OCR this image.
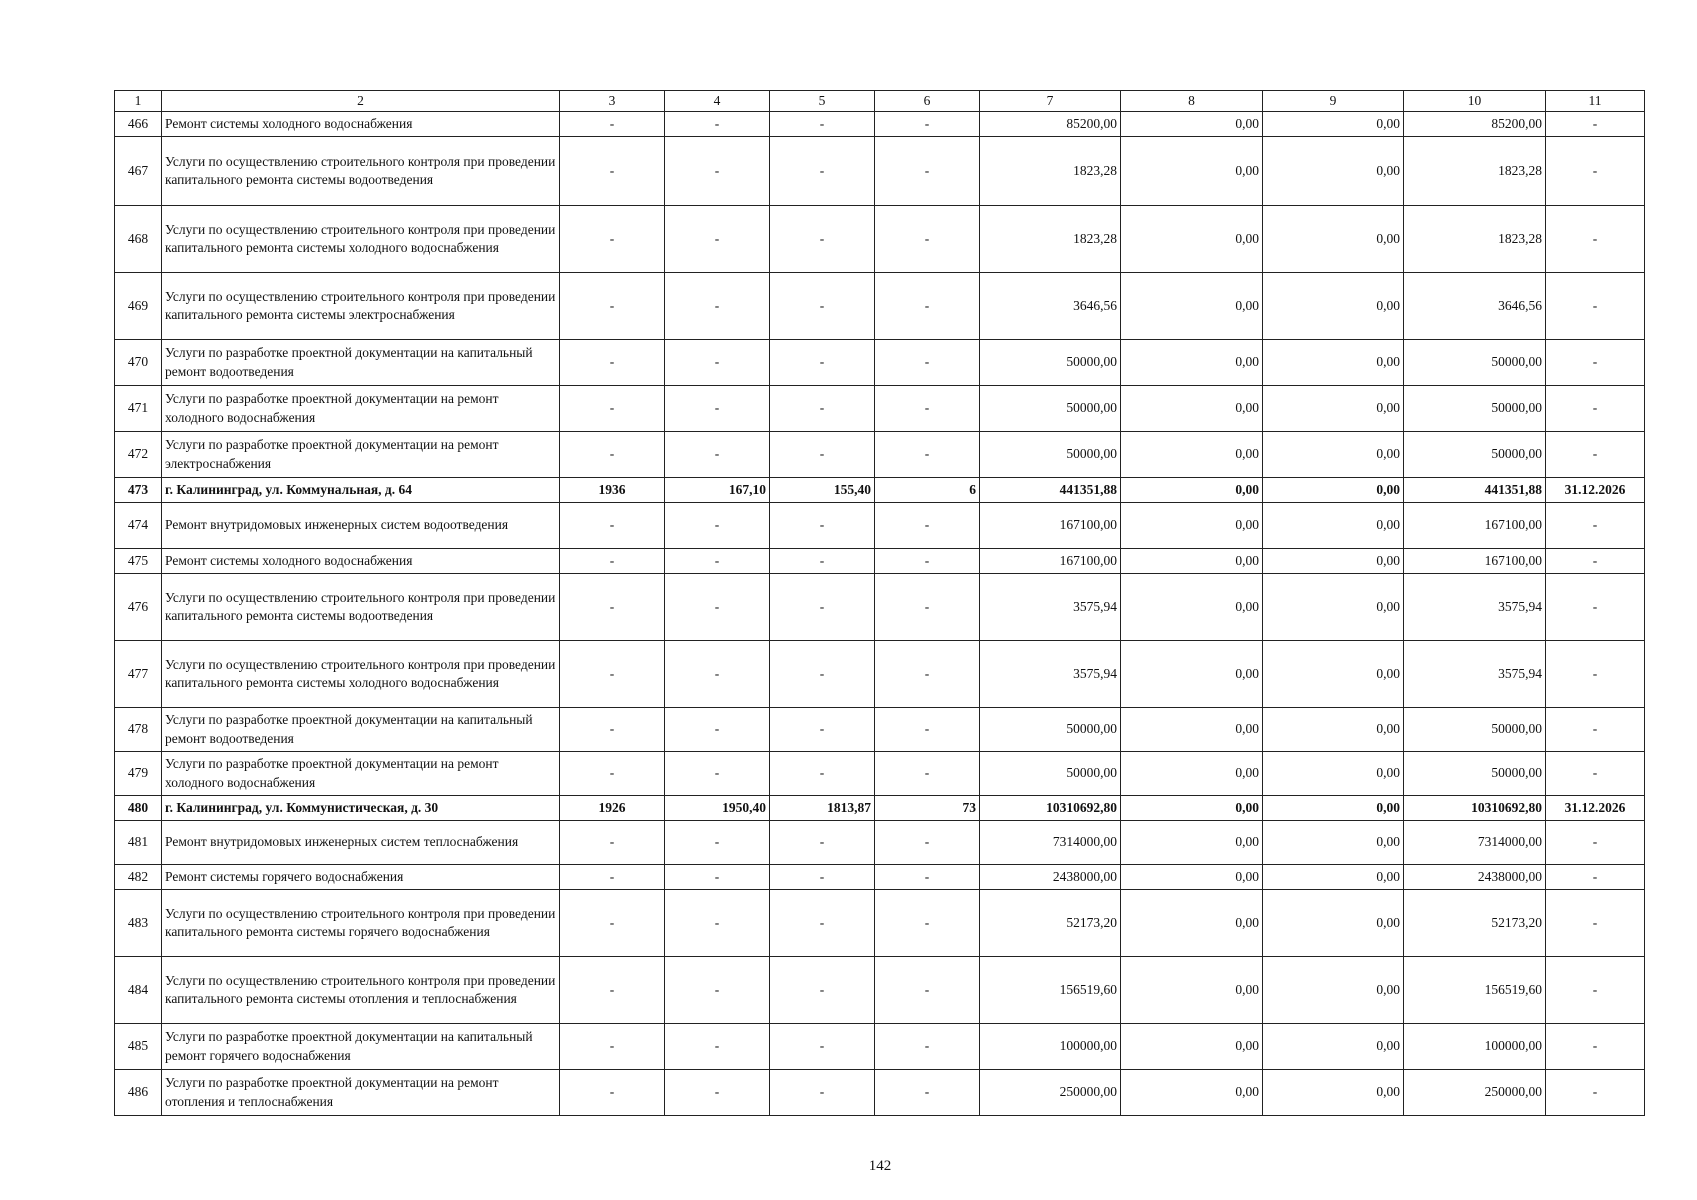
1	2	3	4	5	6	7	8	9	10	11
466	Ремонт системы холодного водоснабжения	-	-	-	-	85200,00	0,00	0,00	85200,00	-
467	Услуги по осуществлению строительного контроля при проведении капитального ремонта системы водоотведения	-	-	-	-	1823,28	0,00	0,00	1823,28	-
468	Услуги по осуществлению строительного контроля при проведении капитального ремонта системы холодного водоснабжения	-	-	-	-	1823,28	0,00	0,00	1823,28	-
469	Услуги по осуществлению строительного контроля при проведении капитального ремонта системы электроснабжения	-	-	-	-	3646,56	0,00	0,00	3646,56	-
470	Услуги по разработке проектной документации на капитальный ремонт водоотведения	-	-	-	-	50000,00	0,00	0,00	50000,00	-
471	Услуги по разработке проектной документации на ремонт холодного водоснабжения	-	-	-	-	50000,00	0,00	0,00	50000,00	-
472	Услуги по разработке проектной документации на ремонт электроснабжения	-	-	-	-	50000,00	0,00	0,00	50000,00	-
473	г. Калининград, ул. Коммунальная, д. 64	1936	167,10	155,40	6	441351,88	0,00	0,00	441351,88	31.12.2026
474	Ремонт внутридомовых инженерных систем водоотведения	-	-	-	-	167100,00	0,00	0,00	167100,00	-
475	Ремонт системы холодного водоснабжения	-	-	-	-	167100,00	0,00	0,00	167100,00	-
476	Услуги по осуществлению строительного контроля при проведении капитального ремонта системы водоотведения	-	-	-	-	3575,94	0,00	0,00	3575,94	-
477	Услуги по осуществлению строительного контроля при проведении капитального ремонта системы холодного водоснабжения	-	-	-	-	3575,94	0,00	0,00	3575,94	-
478	Услуги по разработке проектной документации на капитальный ремонт водоотведения	-	-	-	-	50000,00	0,00	0,00	50000,00	-
479	Услуги по разработке проектной документации на ремонт холодного водоснабжения	-	-	-	-	50000,00	0,00	0,00	50000,00	-
480	г. Калининград, ул. Коммунистическая, д. 30	1926	1950,40	1813,87	73	10310692,80	0,00	0,00	10310692,80	31.12.2026
481	Ремонт внутридомовых инженерных систем теплоснабжения	-	-	-	-	7314000,00	0,00	0,00	7314000,00	-
482	Ремонт системы горячего водоснабжения	-	-	-	-	2438000,00	0,00	0,00	2438000,00	-
483	Услуги по осуществлению строительного контроля при проведении капитального ремонта системы горячего водоснабжения	-	-	-	-	52173,20	0,00	0,00	52173,20	-
484	Услуги по осуществлению строительного контроля при проведении капитального ремонта системы отопления и теплоснабжения	-	-	-	-	156519,60	0,00	0,00	156519,60	-
485	Услуги по разработке проектной документации на капитальный ремонт горячего водоснабжения	-	-	-	-	100000,00	0,00	0,00	100000,00	-
486	Услуги по разработке проектной документации на ремонт отопления и теплоснабжения	-	-	-	-	250000,00	0,00	0,00	250000,00	-
142
